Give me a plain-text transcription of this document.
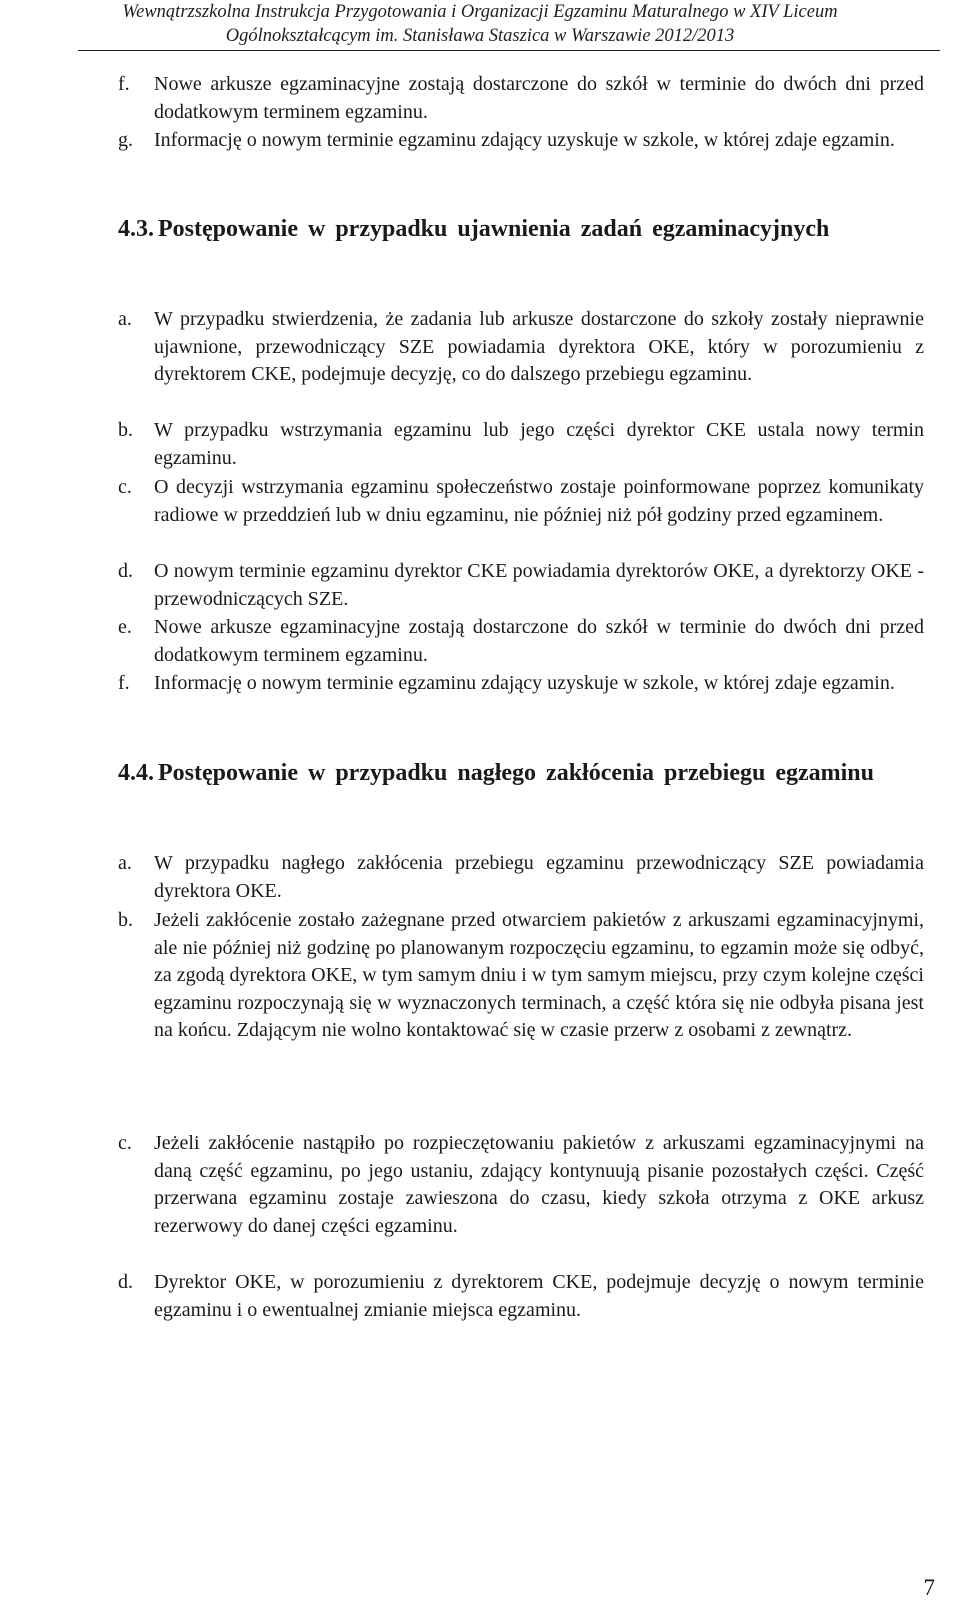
Wewnątrzszkolna Instrukcja Przygotowania i Organizacji Egzaminu Maturalnego w XIV Liceum
Ogólnokształcącym im. Stanisława Staszica w Warszawie 2012/2013
f. Nowe arkusze egzaminacyjne zostają dostarczone do szkół w terminie do dwóch dni przed dodatkowym terminem egzaminu.
g. Informację o nowym terminie egzaminu zdający uzyskuje w szkole, w której zdaje egzamin.
4.3. Postępowanie w przypadku ujawnienia zadań egzaminacyjnych
a. W przypadku stwierdzenia, że zadania lub arkusze dostarczone do szkoły zostały nieprawnie ujawnione, przewodniczący SZE powiadamia dyrektora OKE, który w porozumieniu z dyrektorem CKE, podejmuje decyzję, co do dalszego przebiegu egzaminu.
b. W przypadku wstrzymania egzaminu lub jego części dyrektor CKE ustala nowy termin egzaminu.
c. O decyzji wstrzymania egzaminu społeczeństwo zostaje poinformowane poprzez komunikaty radiowe w przeddzień lub w dniu egzaminu, nie później niż pół godziny przed egzaminem.
d. O nowym terminie egzaminu dyrektor CKE powiadamia dyrektorów OKE, a dyrektorzy OKE - przewodniczących SZE.
e. Nowe arkusze egzaminacyjne zostają dostarczone do szkół w terminie do dwóch dni przed dodatkowym terminem egzaminu.
f. Informację o nowym terminie egzaminu zdający uzyskuje w szkole, w której zdaje egzamin.
4.4. Postępowanie w przypadku nagłego zakłócenia przebiegu egzaminu
a. W przypadku nagłego zakłócenia przebiegu egzaminu przewodniczący SZE powiadamia dyrektora OKE.
b. Jeżeli zakłócenie zostało zażegnane przed otwarciem pakietów z arkuszami egzaminacyjnymi, ale nie później niż godzinę po planowanym rozpoczęciu egzaminu, to egzamin może się odbyć, za zgodą dyrektora OKE, w tym samym dniu i w tym samym miejscu, przy czym kolejne części egzaminu rozpoczynają się w wyznaczonych terminach, a część która się nie odbyła pisana jest na końcu. Zdającym nie wolno kontaktować się w czasie przerw z osobami z zewnątrz.
c. Jeżeli zakłócenie nastąpiło po rozpieczętowaniu pakietów z arkuszami egzaminacyjnymi na daną część egzaminu, po jego ustaniu, zdający kontynuują pisanie pozostałych części. Część przerwana egzaminu zostaje zawieszona do czasu, kiedy szkoła otrzyma z OKE arkusz rezerwowy do danej części egzaminu.
d. Dyrektor OKE, w porozumieniu z dyrektorem CKE, podejmuje decyzję o nowym terminie egzaminu i o ewentualnej zmianie miejsca egzaminu.
7
